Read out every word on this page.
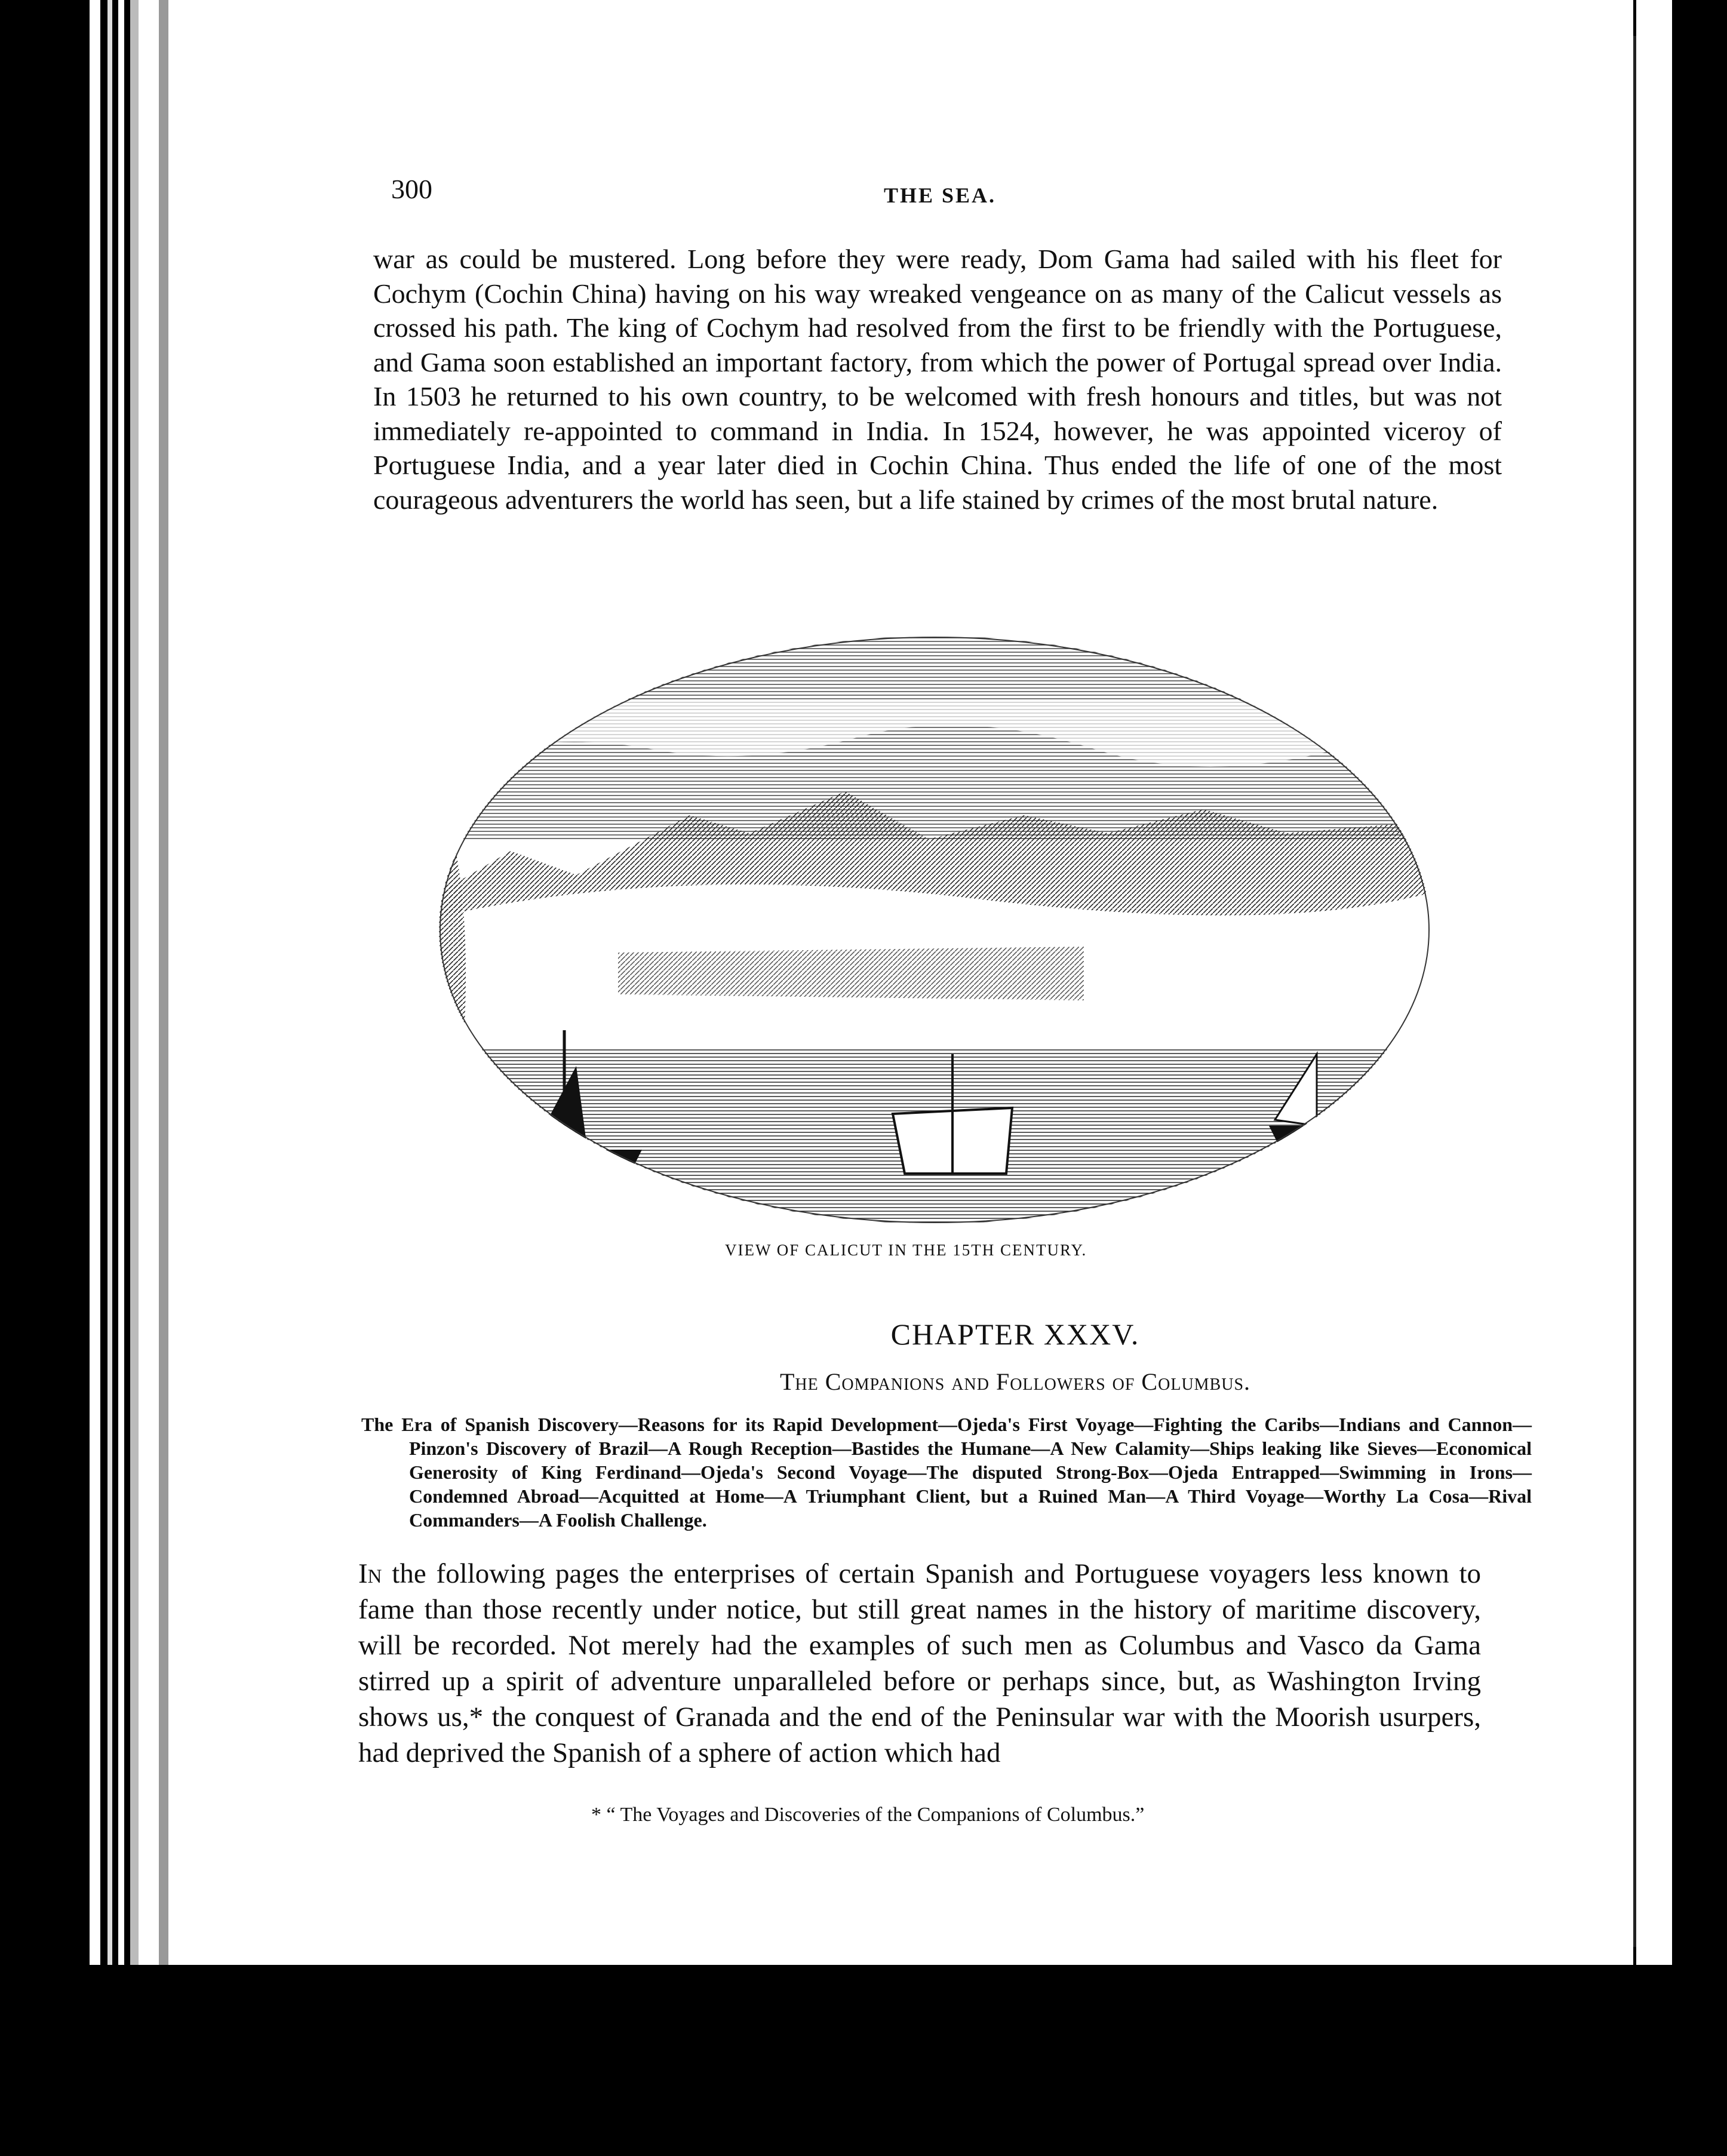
300	THE SEA.
war as could be mustered. Long before they were ready, Dom Gama had sailed with his fleet for Cochym (Cochin China) having on his way wreaked vengeance on as many of the Calicut vessels as crossed his path. The king of Cochym had resolved from the first to be friendly with the Portuguese, and Gama soon established an important factory, from which the power of Portugal spread over India. In 1503 he returned to his own country, to be welcomed with fresh honours and titles, but was not immediately re-appointed to command in India. In 1524, however, he was appointed viceroy of Portuguese India, and a year later died in Cochin China. Thus ended the life of one of the most courageous adventurers the world has seen, but a life stained by crimes of the most brutal nature.
VIEW OF CALICUT IN THE 15TH CENTURY.
CHAPTER XXXV.
The Companions and Followers of Columbus.
The Era of Spanish Discovery—Reasons for its Rapid Development—Ojeda's First Voyage—Fighting the Caribs—Indians and Cannon—Pinzon's Discovery of Brazil—A Rough Reception—Bastides the Humane—A New Calamity—Ships leaking like Sieves—Economical Generosity of King Ferdinand—Ojeda's Second Voyage—The disputed Strong-Box—Ojeda Entrapped—Swimming in Irons—Condemned Abroad—Acquitted at Home—A Triumphant Client, but a Ruined Man—A Third Voyage—Worthy La Cosa—Rival Commanders—A Foolish Challenge.
In the following pages the enterprises of certain Spanish and Portuguese voyagers less known to fame than those recently under notice, but still great names in the history of maritime discovery, will be recorded. Not merely had the examples of such men as Columbus and Vasco da Gama stirred up a spirit of adventure unparalleled before or perhaps since, but, as Washington Irving shows us,* the conquest of Granada and the end of the Peninsular war with the Moorish usurpers, had deprived the Spanish of a sphere of action which had
* “ The Voyages and Discoveries of the Companions of Columbus.”
